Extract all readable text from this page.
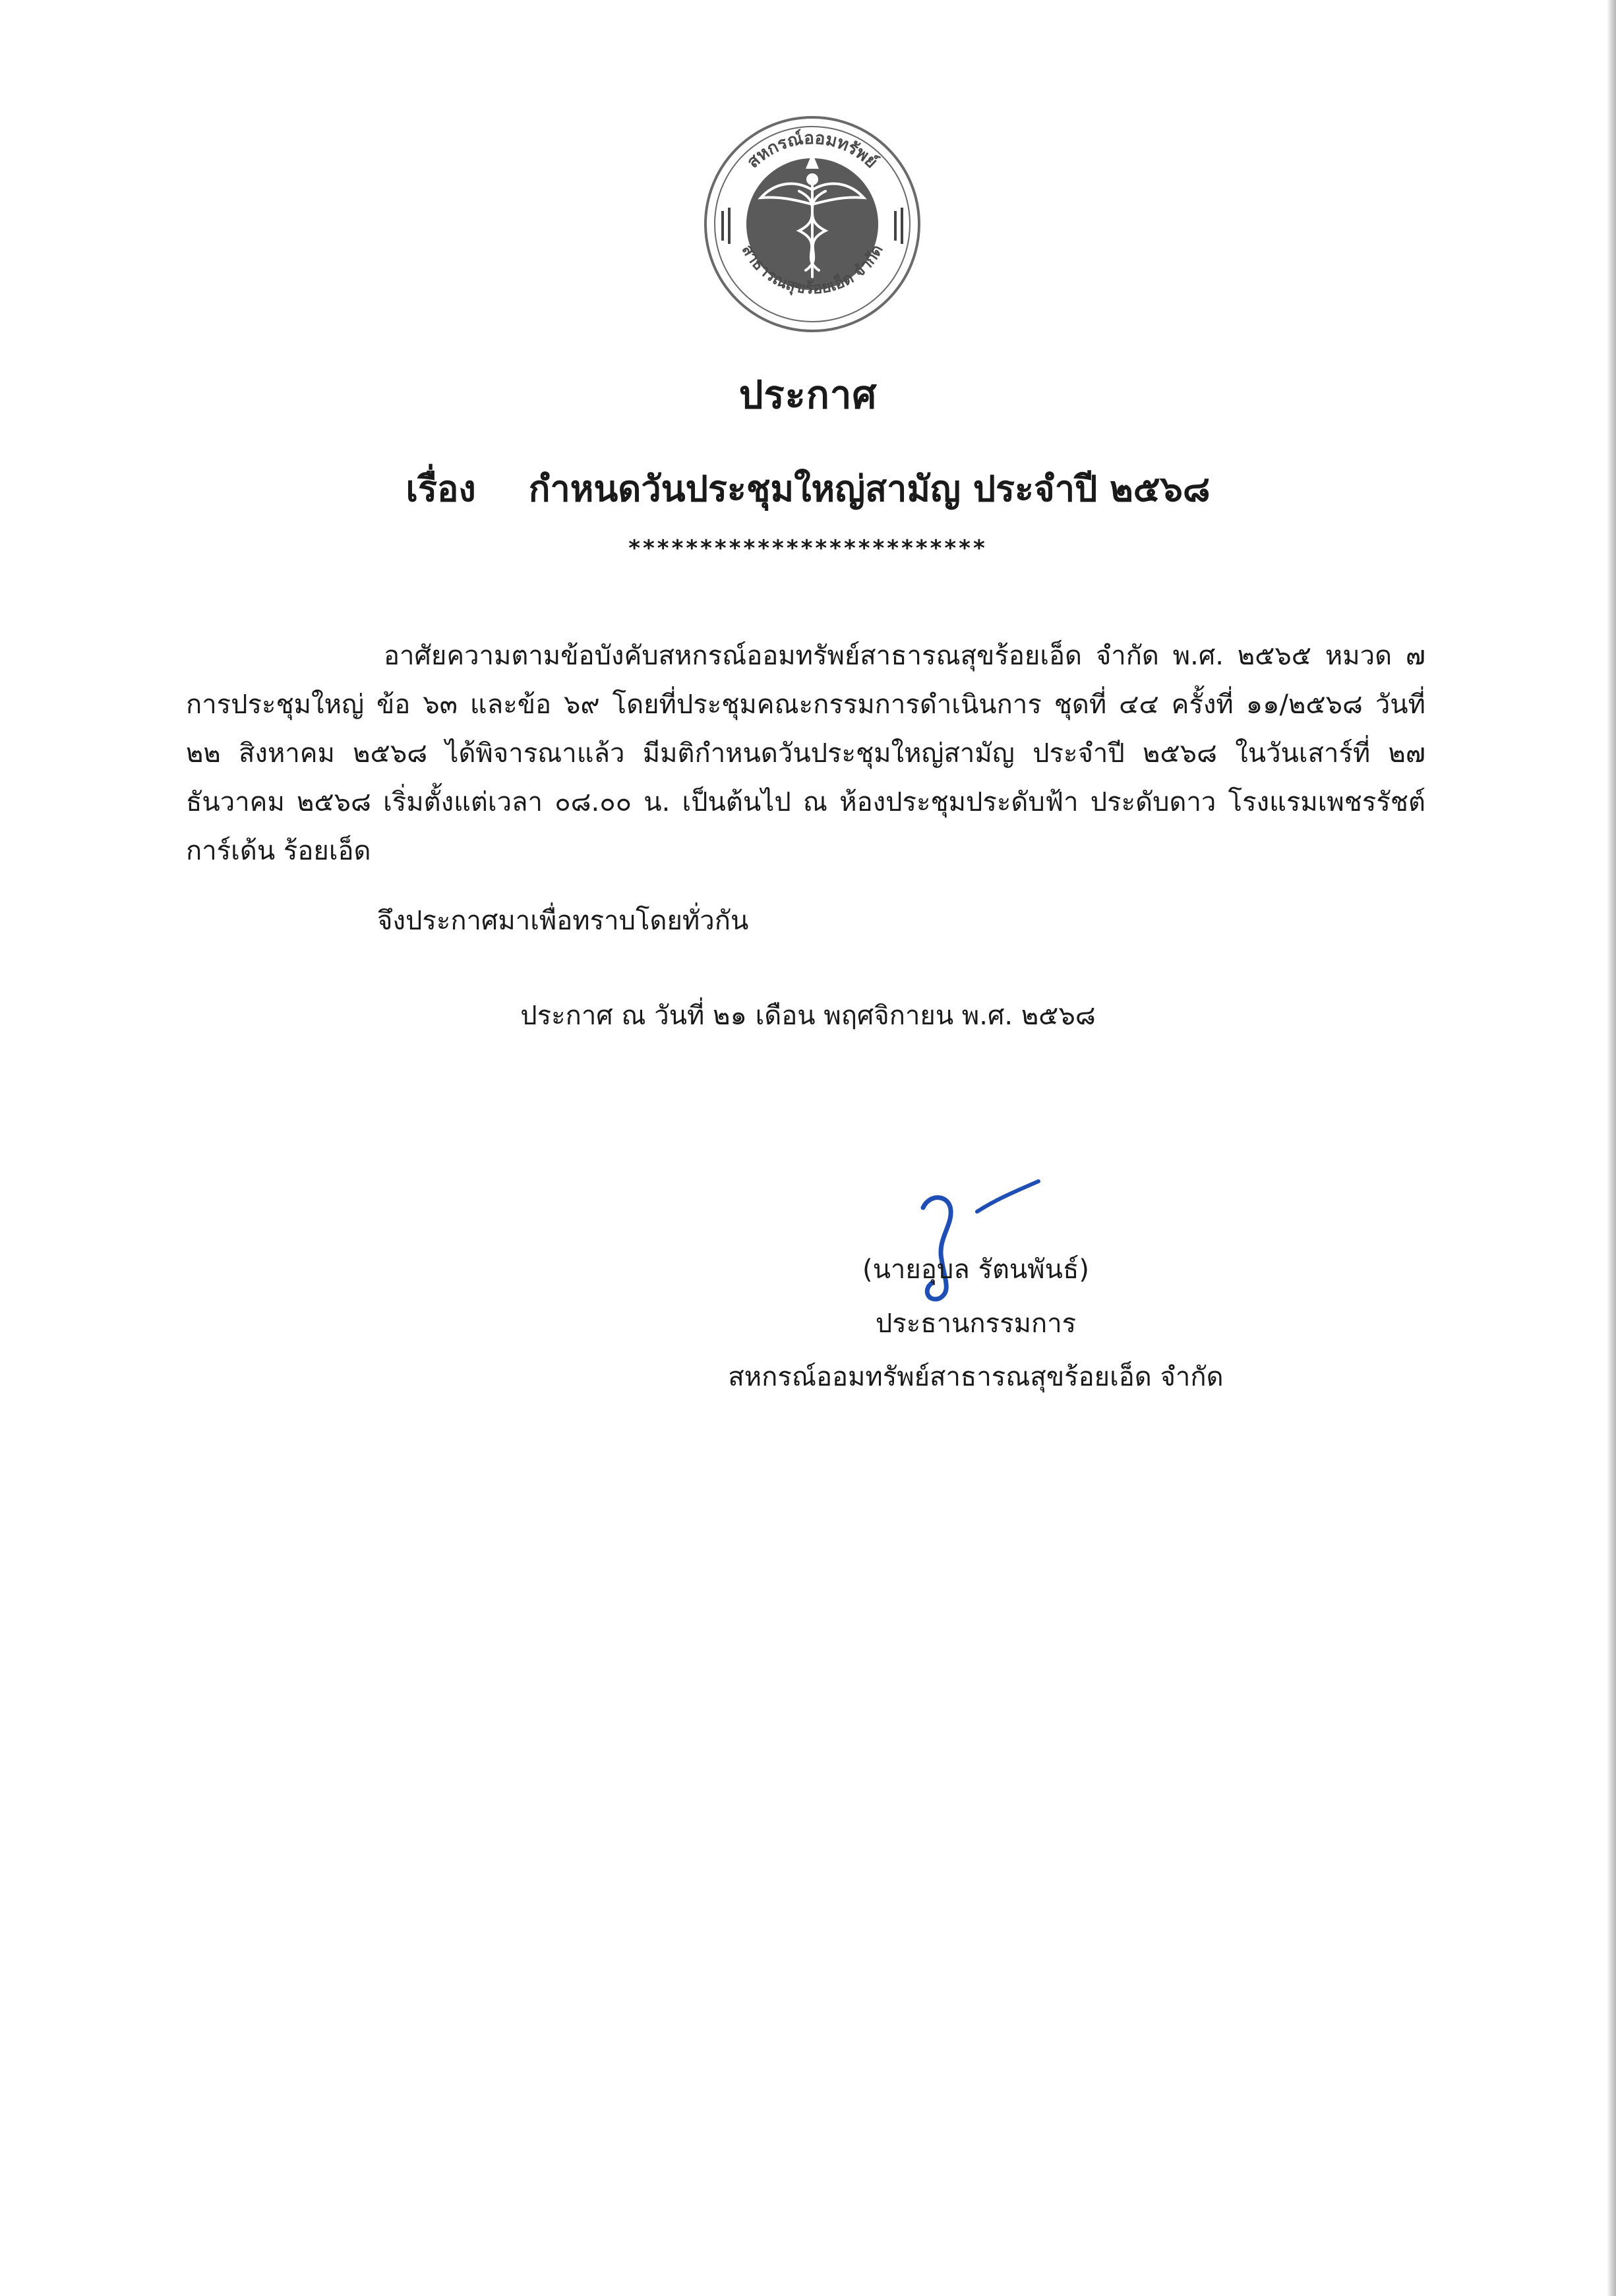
สหกรณ์ออมทรัพย์
สาธารณสุขร้อยเอ็ด จำกัด
ประกาศ
เรื่อง กำหนดวันประชุมใหญ่สามัญ ประจำปี ๒๕๖๘
*************************
อาศัยความตามข้อบังคับสหกรณ์ออมทรัพย์สาธารณสุขร้อยเอ็ด จำกัด พ.ศ. ๒๕๖๕ หมวด ๗ การประชุมใหญ่ ข้อ ๖๓ และข้อ ๖๙ โดยที่ประชุมคณะกรรมการดำเนินการ ชุดที่ ๔๔ ครั้งที่ ๑๑/๒๕๖๘ วันที่ ๒๒ สิงหาคม ๒๕๖๘ ได้พิจารณาแล้ว มีมติกำหนดวันประชุมใหญ่สามัญ ประจำปี ๒๕๖๘ ในวันเสาร์ที่ ๒๗ ธันวาคม ๒๕๖๘ เริ่มตั้งแต่เวลา ๐๘.๐๐ น. เป็นต้นไป ณ ห้องประชุมประดับฟ้า ประดับดาว โรงแรมเพชรรัชต์การ์เด้น ร้อยเอ็ด
จึงประกาศมาเพื่อทราบโดยทั่วกัน
ประกาศ ณ วันที่ ๒๑ เดือน พฤศจิกายน พ.ศ. ๒๕๖๘
(นายอุบล รัตนพันธ์)
ประธานกรรมการ
สหกรณ์ออมทรัพย์สาธารณสุขร้อยเอ็ด จำกัด
